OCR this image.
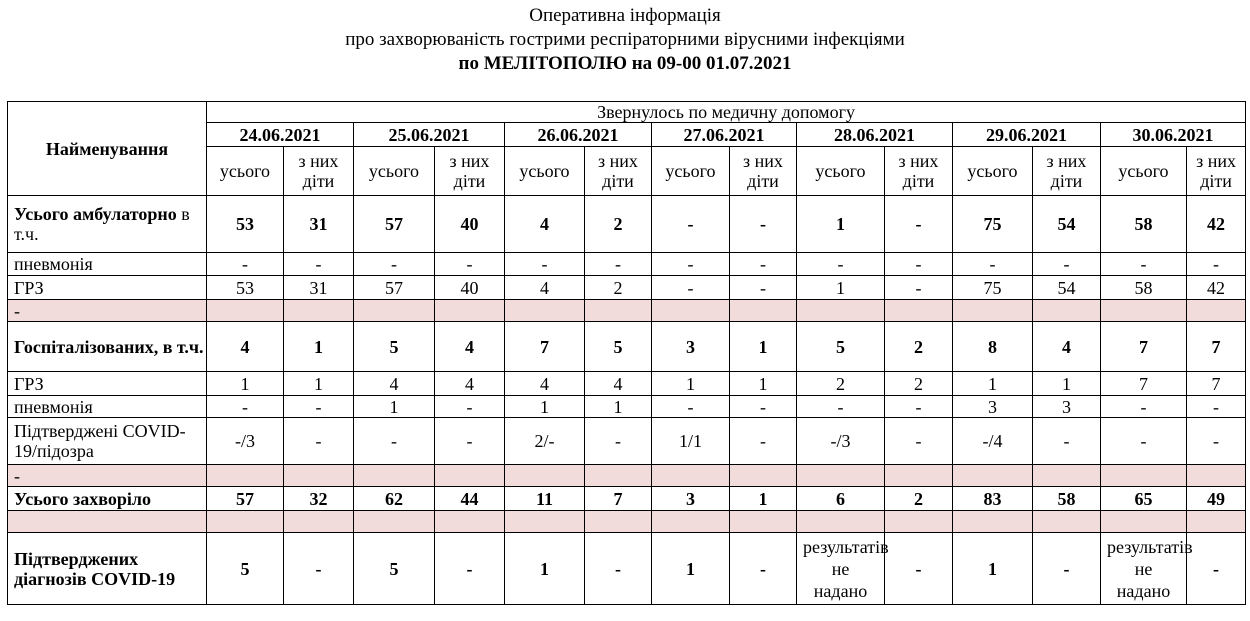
Оперативна інформація
про захворюваність гострими респіраторними вірусними інфекціями
по МЕЛІТОПОЛЮ на 09-00 01.07.2021
Найменування	Звернулось по медичну допомогу													
	24.06.2021		25.06.2021		26.06.2021		27.06.2021		28.06.2021		29.06.2021		30.06.2021	
	усього	з них діти	усього	з них діти	усього	з них діти	усього	з них діти	усього	з них діти	усього	з них діти	усього	з них діти
Усього амбулаторно в т.ч.	53	31	57	40	4	2	-	-	1	-	75	54	58	42
пневмонія	-	-	-	-	-	-	-	-	-	-	-	-	-	-
ГРЗ	53	31	57	40	4	2	-	-	1	-	75	54	58	42
-														
Госпіталізованих, в т.ч.	4	1	5	4	7	5	3	1	5	2	8	4	7	7
ГРЗ	1	1	4	4	4	4	1	1	2	2	1	1	7	7
пневмонія	-	-	1	-	1	1	-	-	-	-	3	3	-	-
Підтверджені COVID-19/підозра	-/3	-	-	-	2/-	-	1/1	-	-/3	-	-/4	-	-	-
-														
Усього захворіло	57	32	62	44	11	7	3	1	6	2	83	58	65	49

Підтверджених діагнозів COVID-19	5	-	5	-	1	-	1	-	результатів не надано	-	1	-	результатів не надано	-
